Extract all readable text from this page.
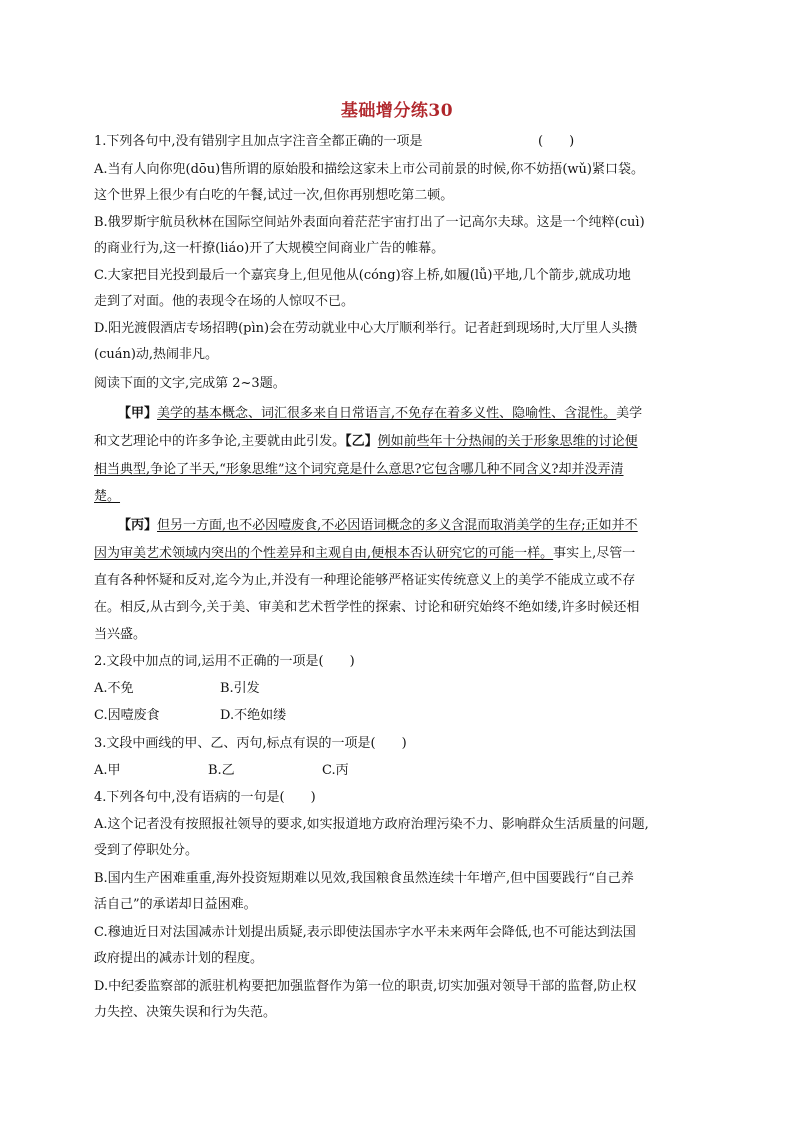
基础增分练30
1.下列各句中,没有错别字且加点字注音全都正确的一项是	(　　)
A.当有人向你兜(dōu)售所谓的原始股和描绘这家未上市公司前景的时候,你不妨捂(wǔ)紧口袋。
这个世界上很少有白吃的午餐,试过一次,但你再别想吃第二顿。
B.俄罗斯宇航员秋林在国际空间站外表面向着茫茫宇宙打出了一记高尔夫球。这是一个纯粹(cuì)
的商业行为,这一杆撩(liáo)开了大规模空间商业广告的帷幕。
C.大家把目光投到最后一个嘉宾身上,但见他从(cóng)容上桥,如履(lǚ)平地,几个箭步,就成功地
走到了对面。他的表现令在场的人惊叹不已。
D.阳光渡假酒店专场招聘(pìn)会在劳动就业中心大厅顺利举行。记者赶到现场时,大厅里人头攒
(cuán)动,热闹非凡。
阅读下面的文字,完成第 2~3题。
【甲】美学的基本概念、词汇很多来自日常语言,不免存在着多义性、隐喻性、含混性。美学
和文艺理论中的许多争论,主要就由此引发。【乙】例如前些年十分热闹的关于形象思维的讨论便
相当典型,争论了半天,“形象思维”这个词究竟是什么意思?它包含哪几种不同含义?却并没弄清
楚。
【丙】但另一方面,也不必因噎废食,不必因语词概念的多义含混而取消美学的生存;正如并不
因为审美艺术领域内突出的个性差异和主观自由,便根本否认研究它的可能一样。事实上,尽管一
直有各种怀疑和反对,迄今为止,并没有一种理论能够严格证实传统意义上的美学不能成立或不存
在。相反,从古到今,关于美、审美和艺术哲学性的探索、讨论和研究始终不绝如缕,许多时候还相
当兴盛。
2.文段中加点的词,运用不正确的一项是(　　)
A.不免	B.引发
C.因噎废食	D.不绝如缕
3.文段中画线的甲、乙、丙句,标点有误的一项是(　　)
A.甲	B.乙	C.丙
4.下列各句中,没有语病的一句是(　　)
A.这个记者没有按照报社领导的要求,如实报道地方政府治理污染不力、影响群众生活质量的问题,
受到了停职处分。
B.国内生产困难重重,海外投资短期难以见效,我国粮食虽然连续十年增产,但中国要践行“自己养
活自己”的承诺却日益困难。
C.穆迪近日对法国减赤计划提出质疑,表示即使法国赤字水平未来两年会降低,也不可能达到法国
政府提出的减赤计划的程度。
D.中纪委监察部的派驻机构要把加强监督作为第一位的职责,切实加强对领导干部的监督,防止权
力失控、决策失误和行为失范。
